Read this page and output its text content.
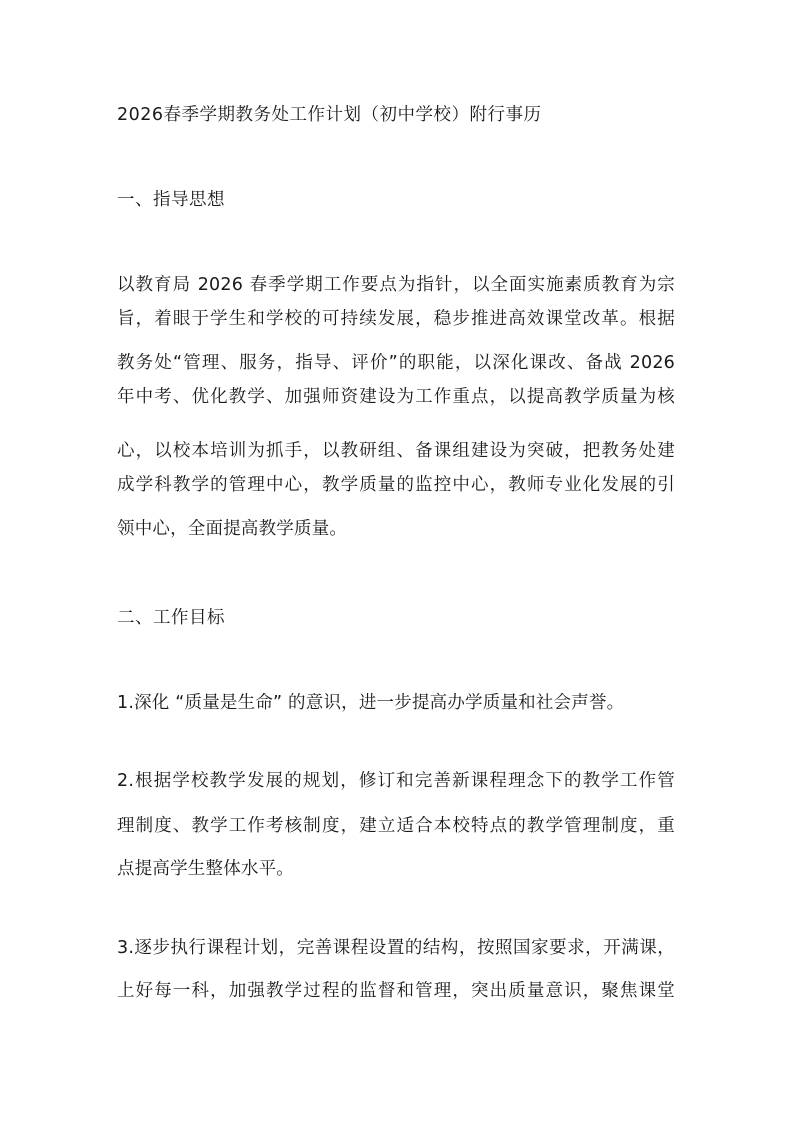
2026春季学期教务处工作计划（初中学校）附行事历
一、指导思想
以教育局 2026 春季学期工作要点为指针，以全面实施素质教育为宗
旨，着眼于学生和学校的可持续发展，稳步推进高效课堂改革。根据
教务处“管理、服务，指导、评价”的职能，以深化课改、备战 2026
年中考、优化教学、加强师资建设为工作重点，以提高教学质量为核
心，以校本培训为抓手，以教研组、备课组建设为突破，把教务处建
成学科教学的管理中心，教学质量的监控中心，教师专业化发展的引
领中心，全面提高教学质量。
二、工作目标
1.深化 “质量是生命” 的意识，进一步提高办学质量和社会声誉。
2.根据学校教学发展的规划，修订和完善新课程理念下的教学工作管
理制度、教学工作考核制度，建立适合本校特点的教学管理制度，重
点提高学生整体水平。
3.逐步执行课程计划，完善课程设置的结构，按照国家要求，开满课，
上好每一科，加强教学过程的监督和管理，突出质量意识，聚焦课堂
